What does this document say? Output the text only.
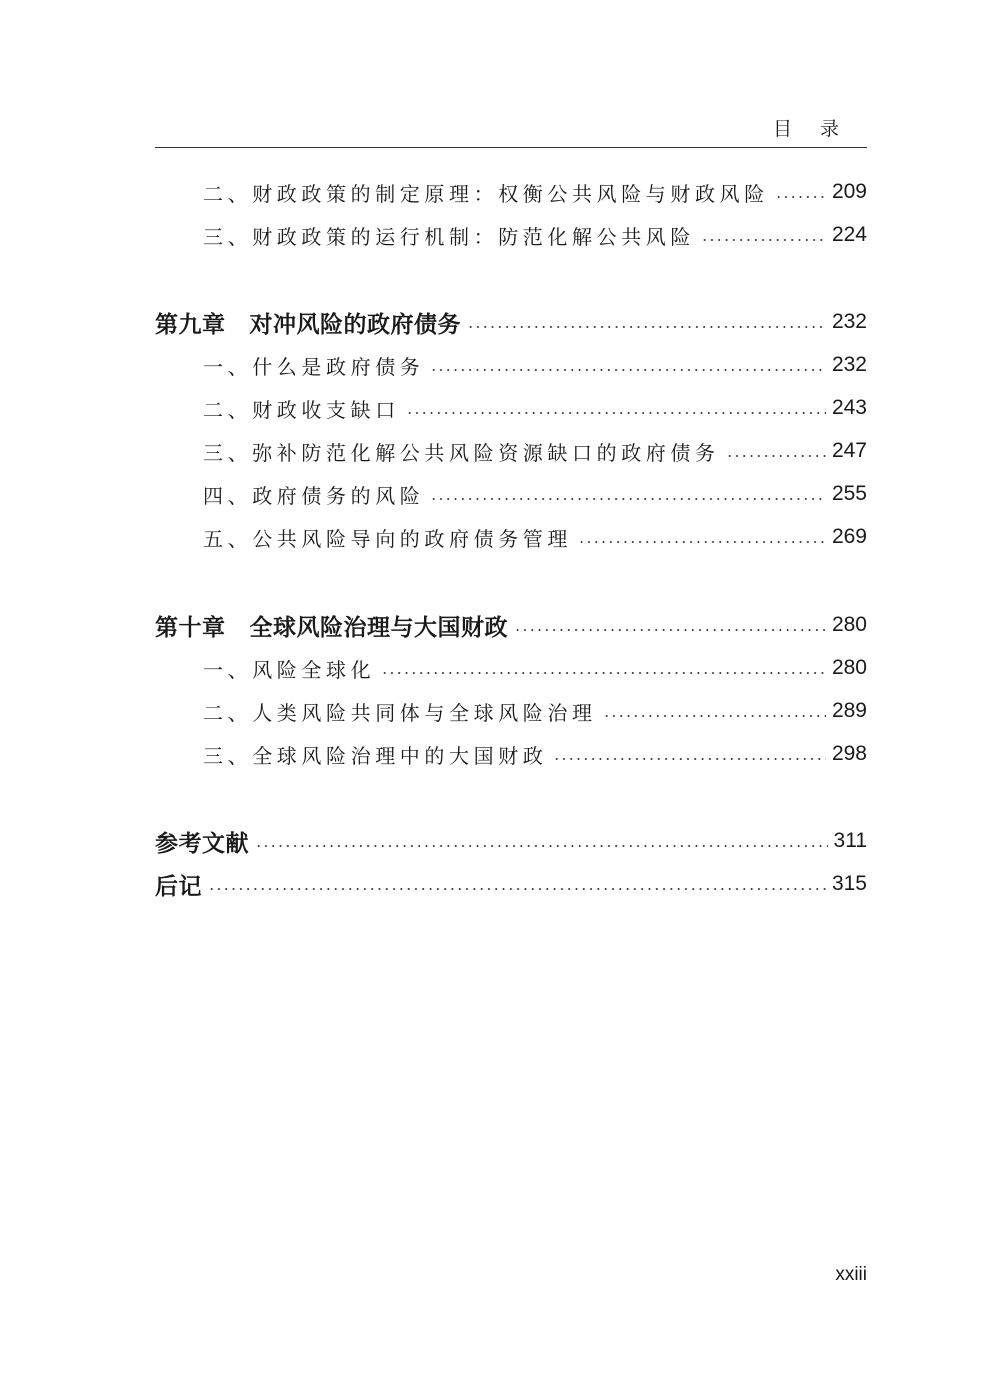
目录
二、财政政策的制定原理：权衡公共风险与财政风险	209
三、财政政策的运行机制：防范化解公共风险	224
第九章 对冲风险的政府债务	232
一、什么是政府债务	232
二、财政收支缺口	243
三、弥补防范化解公共风险资源缺口的政府债务	247
四、政府债务的风险	255
五、公共风险导向的政府债务管理	269
第十章 全球风险治理与大国财政	280
一、风险全球化	280
二、人类风险共同体与全球风险治理	289
三、全球风险治理中的大国财政	298
参考文献	311
后记	315
xxiii
